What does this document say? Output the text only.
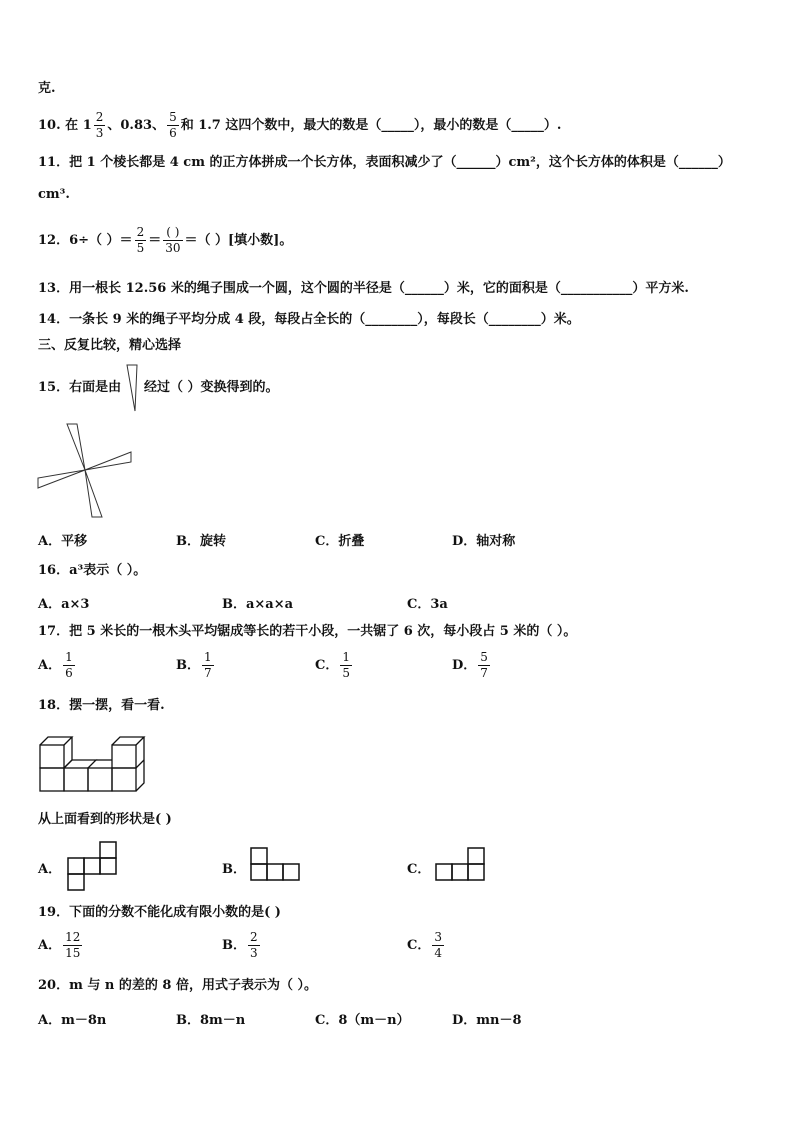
克.
10. 在 $1 \frac{2}{3}$ 、0.83、 $\frac{5}{6}$ 和 1.7 这四个数中，最大的数是（_____），最小的数是（_____）.
11．把 1 个棱长都是 4 cm 的正方体拼成一个长方体，表面积减少了（______）cm²，这个长方体的体积是（______）
cm³.
12．6÷（ ）＝ $\frac{2}{5} = \frac{( )}{30}$ ＝（ ）[填小数]。
13．用一根长 12.56 米的绳子围成一个圆，这个圆的半径是（______）米，它的面积是（___________）平方米.
14．一条长 9 米的绳子平均分成 4 段，每段占全长的（________），每段长（________）米。
三、反复比较，精心选择
15．右面是由 经过（ ）变换得到的。
A．平移	B．旋转	C．折叠	D．轴对称
16．a³表示（ ）。
A．a×3	B．a×a×a	C．3a
17．把 5 米长的一根木头平均锯成等长的若干小段，一共锯了 6 次，每小段占 5 米的（ ）。
A． $\frac{1}{6}$	B． $\frac{1}{7}$	C． $\frac{1}{5}$	D． $\frac{5}{7}$
18．摆一摆，看一看.
从上面看到的形状是( )
A．	B．	C．
19．下面的分数不能化成有限小数的是( )
A． $\frac{12}{15}$	B． $\frac{2}{3}$	C． $\frac{3}{4}$
20．m 与 n 的差的 8 倍，用式子表示为（ ）。
A．m－8n	B．8m－n	C．8（m－n）	D．mn－8
